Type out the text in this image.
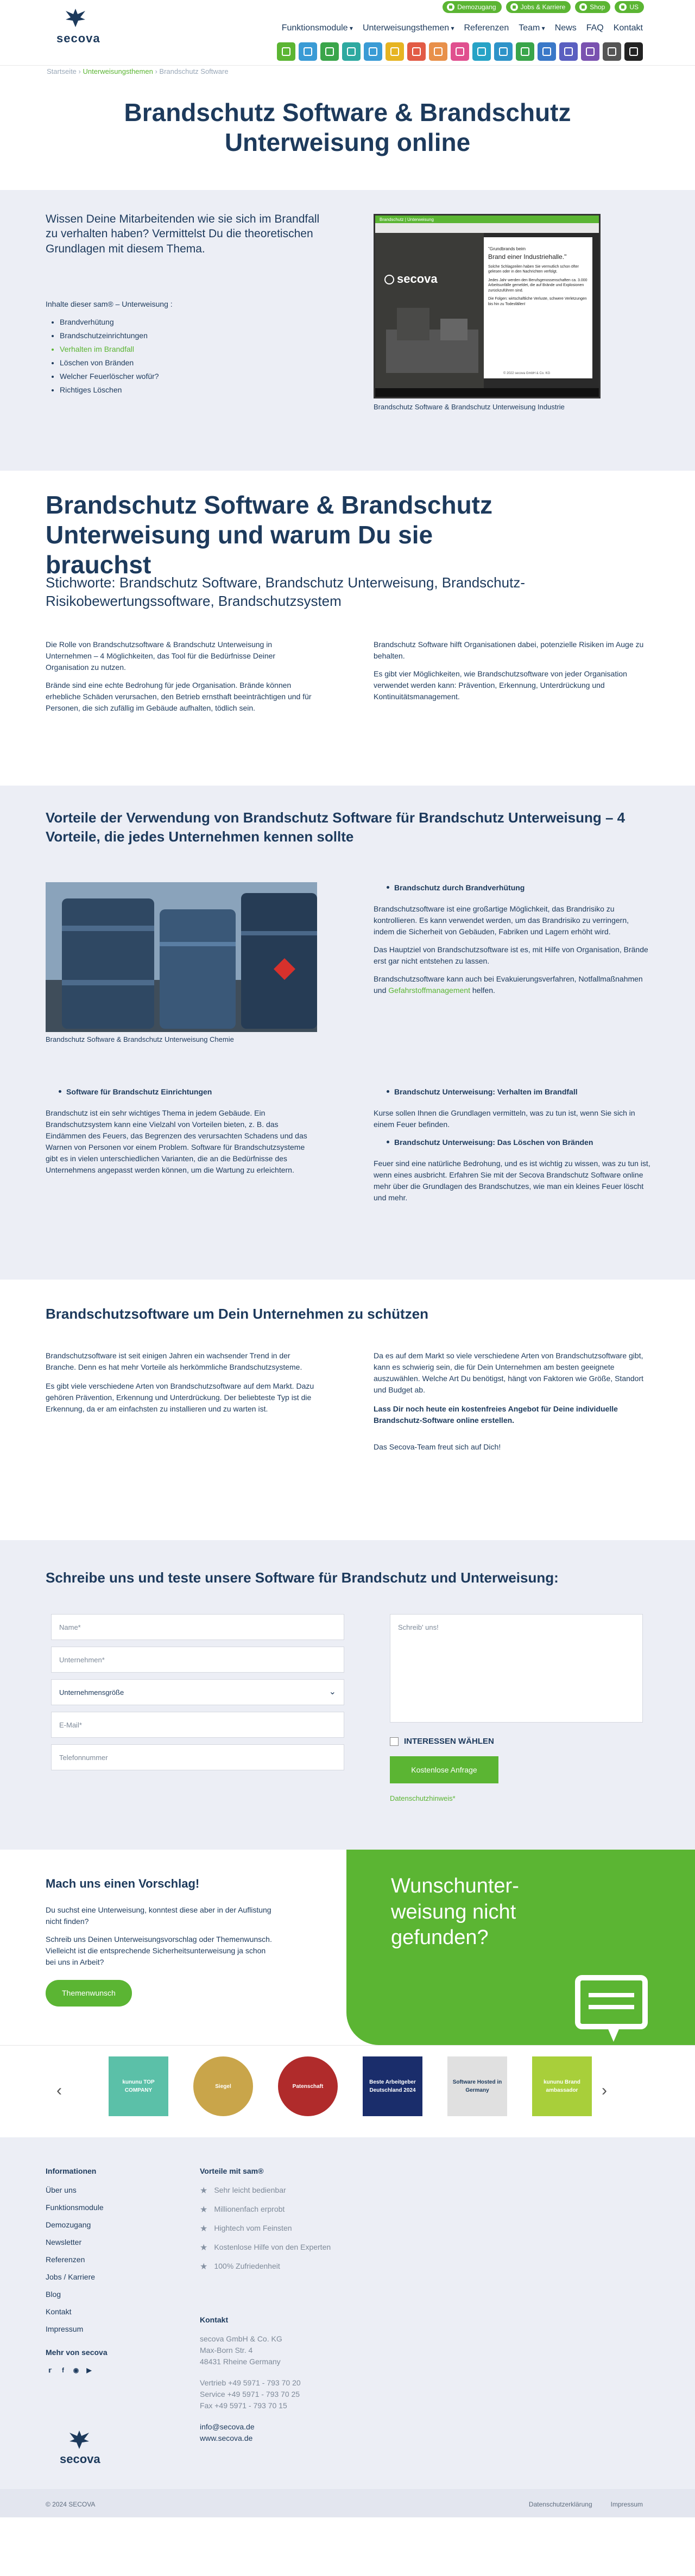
secova
Demozugang	Jobs & Karriere	Shop	US
Funktionsmodule ▾	Unterweisungsthemen ▾	Referenzen Team ▾	News FAQ Kontakt
Startseite › Unterweisungsthemen › Brandschutz Software
Brandschutz Software & Brandschutz Unterweisung online
Wissen Deine Mitarbeitenden wie sie sich im Brandfall zu verhalten haben? Vermittelst Du die theoretischen Grundlagen mit diesem Thema.
Inhalte dieser sam® – Unterweisung :
• Brandverhütung
• Brandschutzeinrichtungen
• Verhalten im Brandfall
• Löschen von Bränden
• Welcher Feuerlöscher wofür?
• Richtiges Löschen
Brandschutz | Unterweisung
"Grundbrands beim
Brand einer Industriehalle."

Solche Schlagzeilen haben Sie vermutlich schon öfter gelesen oder in den Nachrichten verfolgt.

Jedes Jahr werden den Berufsgenossenschaften ca. 3.000 Arbeitsunfälle gemeldet, die auf Brände und Explosionen zurückzuführen sind.

Die Folgen: wirtschaftliche Verluste, schwere Verletzungen bis hin zu Todesfällen!

secova
© 2022 secova GmbH & Co. KG
Brandschutz Software & Brandschutz Unterweisung Industrie
Brandschutz Software & Brandschutz Unterweisung und warum Du sie brauchst
Stichworte: Brandschutz Software, Brandschutz Unterweisung, Brandschutz-Risikobewertungssoftware, Brandschutzsystem

Die Rolle von Brandschutzsoftware & Brandschutz Unterweisung in Unternehmen – 4 Möglichkeiten, das Tool für die Bedürfnisse Deiner Organisation zu nutzen.

Brände sind eine echte Bedrohung für jede Organisation. Brände können erhebliche Schäden verursachen, den Betrieb ernsthaft beeinträchtigen und für Personen, die sich zufällig im Gebäude aufhalten, tödlich sein.

Brandschutz Software hilft Organisationen dabei, potenzielle Risiken im Auge zu behalten.

Es gibt vier Möglichkeiten, wie Brandschutzsoftware von jeder Organisation verwendet werden kann: Prävention, Erkennung, Unterdrückung und Kontinuitätsmanagement.

Vorteile der Verwendung von Brandschutz Software für Brandschutz Unterweisung – 4 Vorteile, die jedes Unternehmen kennen sollte
Brandschutz Software & Brandschutz Unterweisung Chemie
Brandschutz durch Brandverhütung

Brandschutzsoftware ist eine großartige Möglichkeit, das Brandrisiko zu kontrollieren. Es kann verwendet werden, um das Brandrisiko zu verringern, indem die Sicherheit von Gebäuden, Fabriken und Lagern erhöht wird.

Das Hauptziel von Brandschutzsoftware ist es, mit Hilfe von Organisation, Brände erst gar nicht entstehen zu lassen.

Brandschutzsoftware kann auch bei Evakuierungsverfahren, Notfallmaßnahmen und Gefahrstoffmanagement helfen.

Software für Brandschutz Einrichtungen

Brandschutz ist ein sehr wichtiges Thema in jedem Gebäude. Ein Brandschutzsystem kann eine Vielzahl von Vorteilen bieten, z. B. das Eindämmen des Feuers, das Begrenzen des verursachten Schadens und das Warnen von Personen vor einem Problem. Software für Brandschutzsysteme gibt es in vielen unterschiedlichen Varianten, die an die Bedürfnisse des Unternehmens angepasst werden können, um die Wartung zu erleichtern.

Brandschutz Unterweisung: Verhalten im Brandfall

Kurse sollen Ihnen die Grundlagen vermitteln, was zu tun ist, wenn Sie sich in einem Feuer befinden.

Brandschutz Unterweisung: Das Löschen von Bränden

Feuer sind eine natürliche Bedrohung, und es ist wichtig zu wissen, was zu tun ist, wenn eines ausbricht. Erfahren Sie mit der Secova Brandschutz Software online mehr über die Grundlagen des Brandschutzes, wie man ein kleines Feuer löscht und mehr.

Brandschutzsoftware um Dein Unternehmen zu schützen

Brandschutzsoftware ist seit einigen Jahren ein wachsender Trend in der Branche. Denn es hat mehr Vorteile als herkömmliche Brandschutzsysteme.

Es gibt viele verschiedene Arten von Brandschutzsoftware auf dem Markt. Dazu gehören Prävention, Erkennung und Unterdrückung. Der beliebteste Typ ist die Erkennung, da er am einfachsten zu installieren und zu warten ist.

Da es auf dem Markt so viele verschiedene Arten von Brandschutzsoftware gibt, kann es schwierig sein, die für Dein Unternehmen am besten geeignete auszuwählen. Welche Art Du benötigst, hängt von Faktoren wie Größe, Standort und Budget ab.

Lass Dir noch heute ein kostenfreies Angebot für Deine individuelle Brandschutz-Software online erstellen.

Das Secova-Team freut sich auf Dich!

Schreibe uns und teste unsere Software für Brandschutz und Unterweisung:
Name*
Unternehmen*
Unternehmensgröße	⌄
E-Mail*
Telefonnummer
Schreib' uns!
INTERESSEN WÄHLEN
Kostenlose Anfrage
Datenschutzhinweis*
Mach uns einen Vorschlag!

Du suchst eine Unterweisung, konntest diese aber in der Auflistung nicht finden?

Schreib uns Deinen Unterweisungsvorschlag oder Themenwunsch. Vielleicht ist die entsprechende Sicherheitsunterweisung ja schon bei uns in Arbeit?

Themenwunsch
Wunschunter-weisung nicht gefunden?
‹	kununu TOP COMPANY
Siegel	Patenschaft
Beste Arbeitgeber Deutschland 2024
Software Hosted in Germany
kununu Brand ambassador	›
Informationen
Über uns
Funktionsmodule
Demozugang
Newsletter
Referenzen
Jobs / Karriere
Blog
Kontakt
Impressum
Mehr von secova
𝕣	f	◉ ▶
Vorteile mit sam®
★ Sehr leicht bedienbar
★ Millionenfach erprobt
★ Hightech vom Feinsten
★ Kostenlose Hilfe von den Experten
★ 100% Zufriedenheit
Kontakt
secova GmbH & Co. KG
Max-Born Str. 4
48431 Rheine Germany
Vertrieb +49 5971 - 793 70 20
Service +49 5971 - 793 70 25
Fax +49 5971 - 793 70 15
info@secova.de
www.secova.de
secova
© 2024 SECOVA	Datenschutzerklärung	Impressum
